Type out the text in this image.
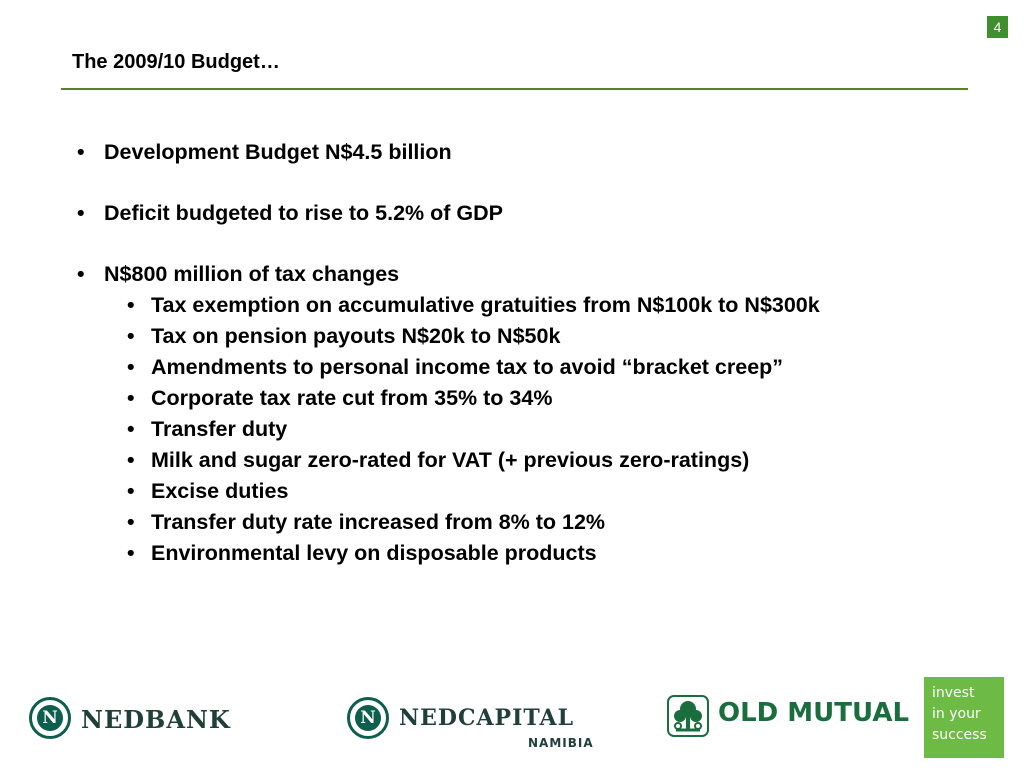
4
The 2009/10 Budget…
• Development Budget N$4.5 billion
• Deficit budgeted to rise to 5.2% of GDP
• N$800 million of tax changes
• Tax exemption on accumulative gratuities from N$100k to N$300k
• Tax on pension payouts N$20k to N$50k
• Amendments to personal income tax to avoid “bracket creep”
• Corporate tax rate cut from 35% to 34%
• Transfer duty
• Milk and sugar zero-rated for VAT (+ previous zero-ratings)
• Excise duties
• Transfer duty rate increased from 8% to 12%
• Environmental levy on disposable products
N NEDBANK	N NEDCAPITAL
NAMIBIA
OLD MUTUAL
invest
in your
success
